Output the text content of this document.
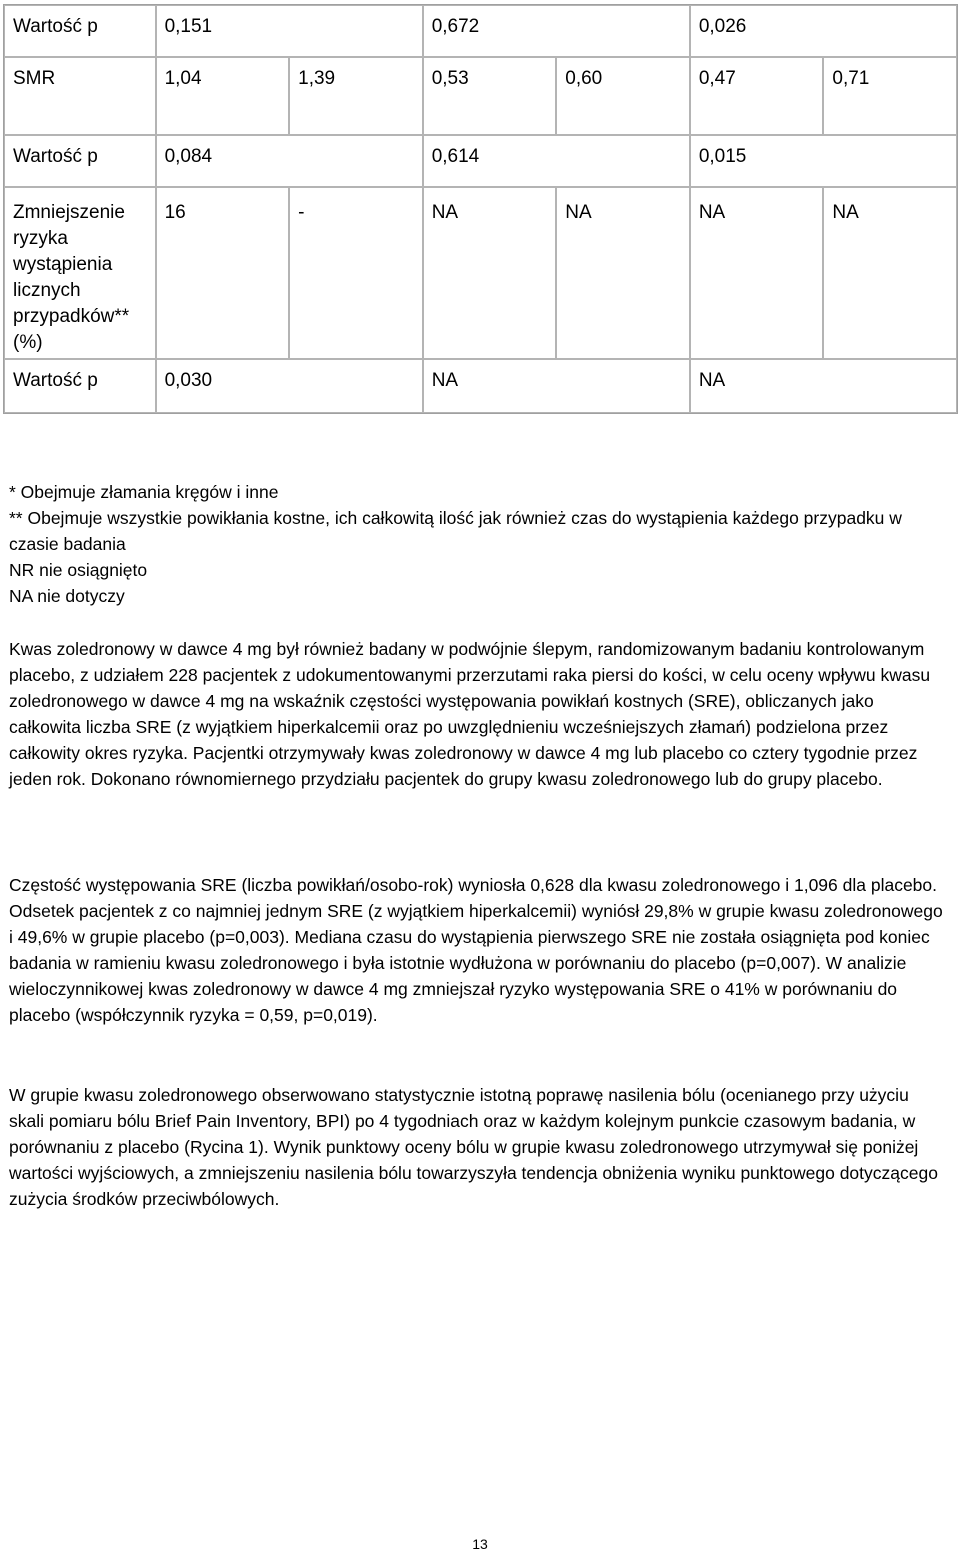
Wartość p	0,151		0,672		0,026	
SMR	1,04	1,39	0,53	0,60	0,47	0,71
Wartość p	0,084		0,614		0,015	
Zmniejszenie ryzyka wystąpienia licznych przypadków** (%)	16	-	NA	NA	NA	NA
Wartość p	0,030		NA		NA	
* Obejmuje złamania kręgów i inne
** Obejmuje wszystkie powikłania kostne, ich całkowitą ilość jak również czas do wystąpienia każdego przypadku w czasie badania
NR nie osiągnięto
NA nie dotyczy

Kwas zoledronowy w dawce 4 mg był również badany w podwójnie ślepym, randomizowanym badaniu kontrolowanym placebo, z udziałem 228 pacjentek z udokumentowanymi przerzutami raka piersi do kości, w celu oceny wpływu kwasu zoledronowego w dawce 4 mg na wskaźnik częstości występowania powikłań kostnych (SRE), obliczanych jako całkowita liczba SRE (z wyjątkiem hiperkalcemii oraz po uwzględnieniu wcześniejszych złamań) podzielona przez całkowity okres ryzyka. Pacjentki otrzymywały kwas zoledronowy w dawce 4 mg lub placebo co cztery tygodnie przez jeden rok. Dokonano równomiernego przydziału pacjentek do grupy kwasu zoledronowego lub do grupy placebo.

Częstość występowania SRE (liczba powikłań/osobo-rok) wyniosła 0,628 dla kwasu zoledronowego i 1,096 dla placebo. Odsetek pacjentek z co najmniej jednym SRE (z wyjątkiem hiperkalcemii) wyniósł 29,8% w grupie kwasu zoledronowego i 49,6% w grupie placebo (p=0,003). Mediana czasu do wystąpienia pierwszego SRE nie została osiągnięta pod koniec badania w ramieniu kwasu zoledronowego i była istotnie wydłużona w porównaniu do placebo (p=0,007). W analizie wieloczynnikowej kwas zoledronowy w dawce 4 mg zmniejszał ryzyko występowania SRE o 41% w porównaniu do placebo (współczynnik ryzyka = 0,59, p=0,019).

W grupie kwasu zoledronowego obserwowano statystycznie istotną poprawę nasilenia bólu (ocenianego przy użyciu skali pomiaru bólu Brief Pain Inventory, BPI) po 4 tygodniach oraz w każdym kolejnym punkcie czasowym badania, w porównaniu z placebo (Rycina 1). Wynik punktowy oceny bólu w grupie kwasu zoledronowego utrzymywał się poniżej wartości wyjściowych, a zmniejszeniu nasilenia bólu towarzyszyła tendencja obniżenia wyniku punktowego dotyczącego zużycia środków przeciwbólowych.

13
